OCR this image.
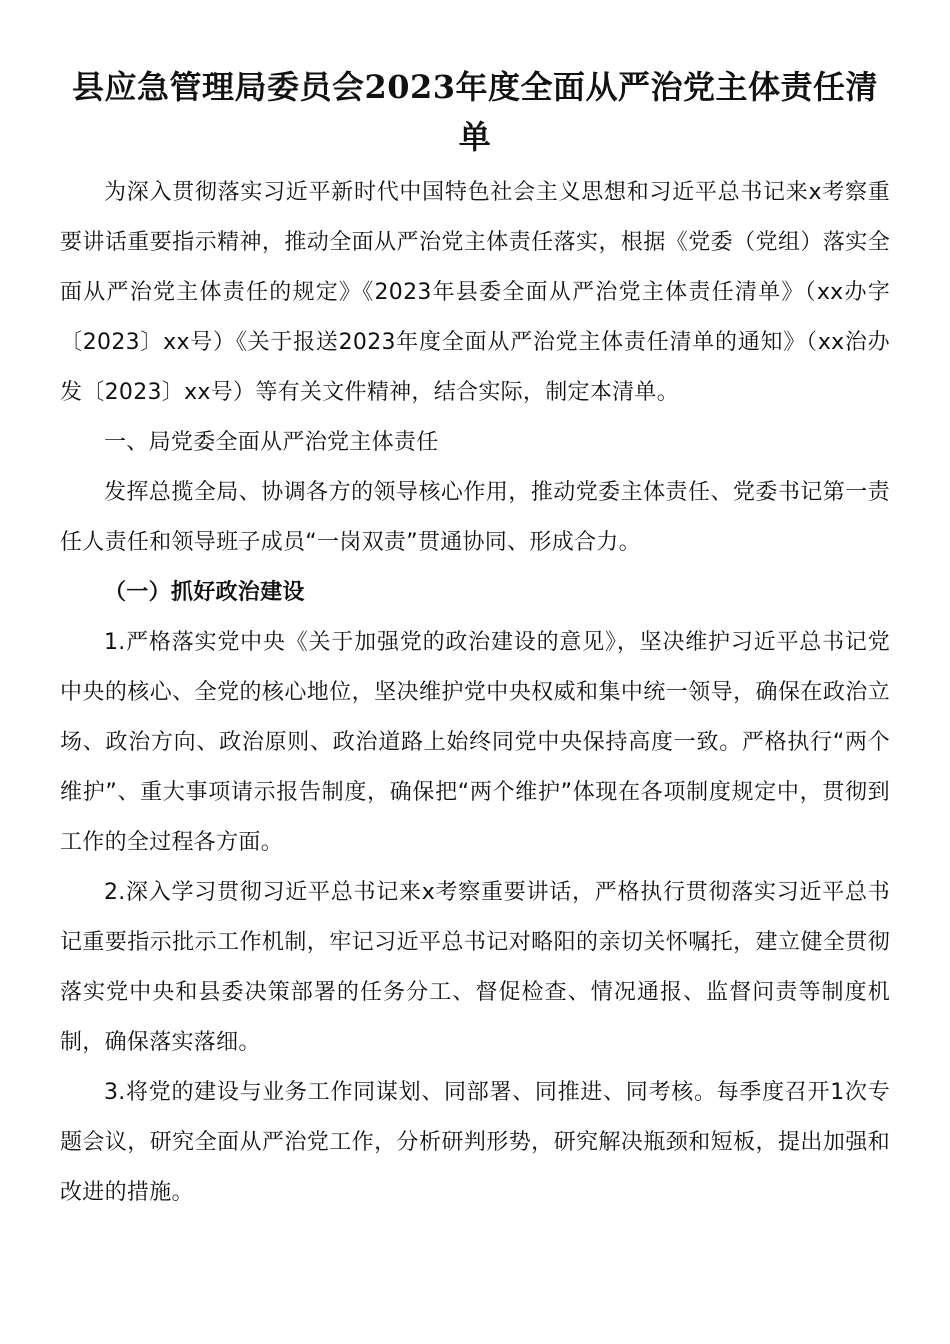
县应急管理局委员会2023年度全面从严治党主体责任清单

为深入贯彻落实习近平新时代中国特色社会主义思想和习近平总书记来x考察重要讲话重要指示精神，推动全面从严治党主体责任落实，根据《党委（党组）落实全面从严治党主体责任的规定》《2023年县委全面从严治党主体责任清单》（xx办字〔2023〕xx号）《关于报送2023年度全面从严治党主体责任清单的通知》（xx治办发〔2023〕xx号）等有关文件精神，结合实际，制定本清单。

一、局党委全面从严治党主体责任

发挥总揽全局、协调各方的领导核心作用，推动党委主体责任、党委书记第一责任人责任和领导班子成员“一岗双责”贯通协同、形成合力。

（一）抓好政治建设

1.严格落实党中央《关于加强党的政治建设的意见》，坚决维护习近平总书记党中央的核心、全党的核心地位，坚决维护党中央权威和集中统一领导，确保在政治立场、政治方向、政治原则、政治道路上始终同党中央保持高度一致。严格执行“两个维护”、重大事项请示报告制度，确保把“两个维护”体现在各项制度规定中，贯彻到工作的全过程各方面。

2.深入学习贯彻习近平总书记来x考察重要讲话，严格执行贯彻落实习近平总书记重要指示批示工作机制，牢记习近平总书记对略阳的亲切关怀嘱托，建立健全贯彻落实党中央和县委决策部署的任务分工、督促检查、情况通报、监督问责等制度机制，确保落实落细。

3.将党的建设与业务工作同谋划、同部署、同推进、同考核。每季度召开1次专题会议，研究全面从严治党工作，分析研判形势，研究解决瓶颈和短板，提出加强和改进的措施。
